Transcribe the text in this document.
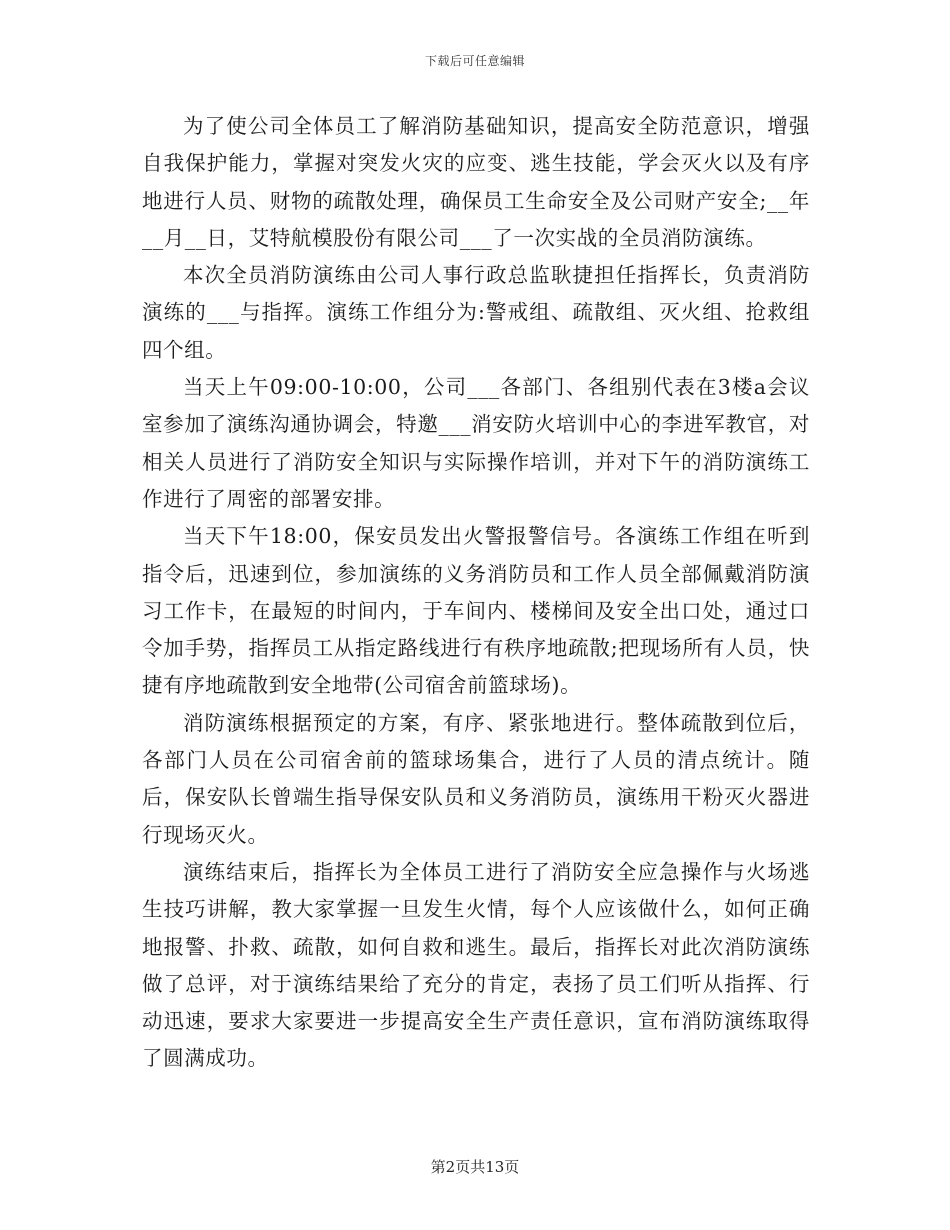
下载后可任意编辑

为了使公司全体员工了解消防基础知识，提高安全防范意识，增强自我保护能力，掌握对突发火灾的应变、逃生技能，学会灭火以及有序地进行人员、财物的疏散处理，确保员工生命安全及公司财产安全;__年__月__日，艾特航模股份有限公司___了一次实战的全员消防演练。

本次全员消防演练由公司人事行政总监耿捷担任指挥长，负责消防演练的___与指挥。演练工作组分为:警戒组、疏散组、灭火组、抢救组四个组。

当天上午09:00-10:00，公司___各部门、各组别代表在3楼a会议室参加了演练沟通协调会，特邀___消安防火培训中心的李进军教官，对相关人员进行了消防安全知识与实际操作培训，并对下午的消防演练工作进行了周密的部署安排。

当天下午18:00，保安员发出火警报警信号。各演练工作组在听到指令后，迅速到位，参加演练的义务消防员和工作人员全部佩戴消防演习工作卡，在最短的时间内，于车间内、楼梯间及安全出口处，通过口令加手势，指挥员工从指定路线进行有秩序地疏散;把现场所有人员，快捷有序地疏散到安全地带(公司宿舍前篮球场)。

消防演练根据预定的方案，有序、紧张地进行。整体疏散到位后，各部门人员在公司宿舍前的篮球场集合，进行了人员的清点统计。随后，保安队长曾端生指导保安队员和义务消防员，演练用干粉灭火器进行现场灭火。

演练结束后，指挥长为全体员工进行了消防安全应急操作与火场逃生技巧讲解，教大家掌握一旦发生火情，每个人应该做什么，如何正确地报警、扑救、疏散，如何自救和逃生。最后，指挥长对此次消防演练做了总评，对于演练结果给了充分的肯定，表扬了员工们听从指挥、行动迅速，要求大家要进一步提高安全生产责任意识，宣布消防演练取得了圆满成功。

第2页共13页
